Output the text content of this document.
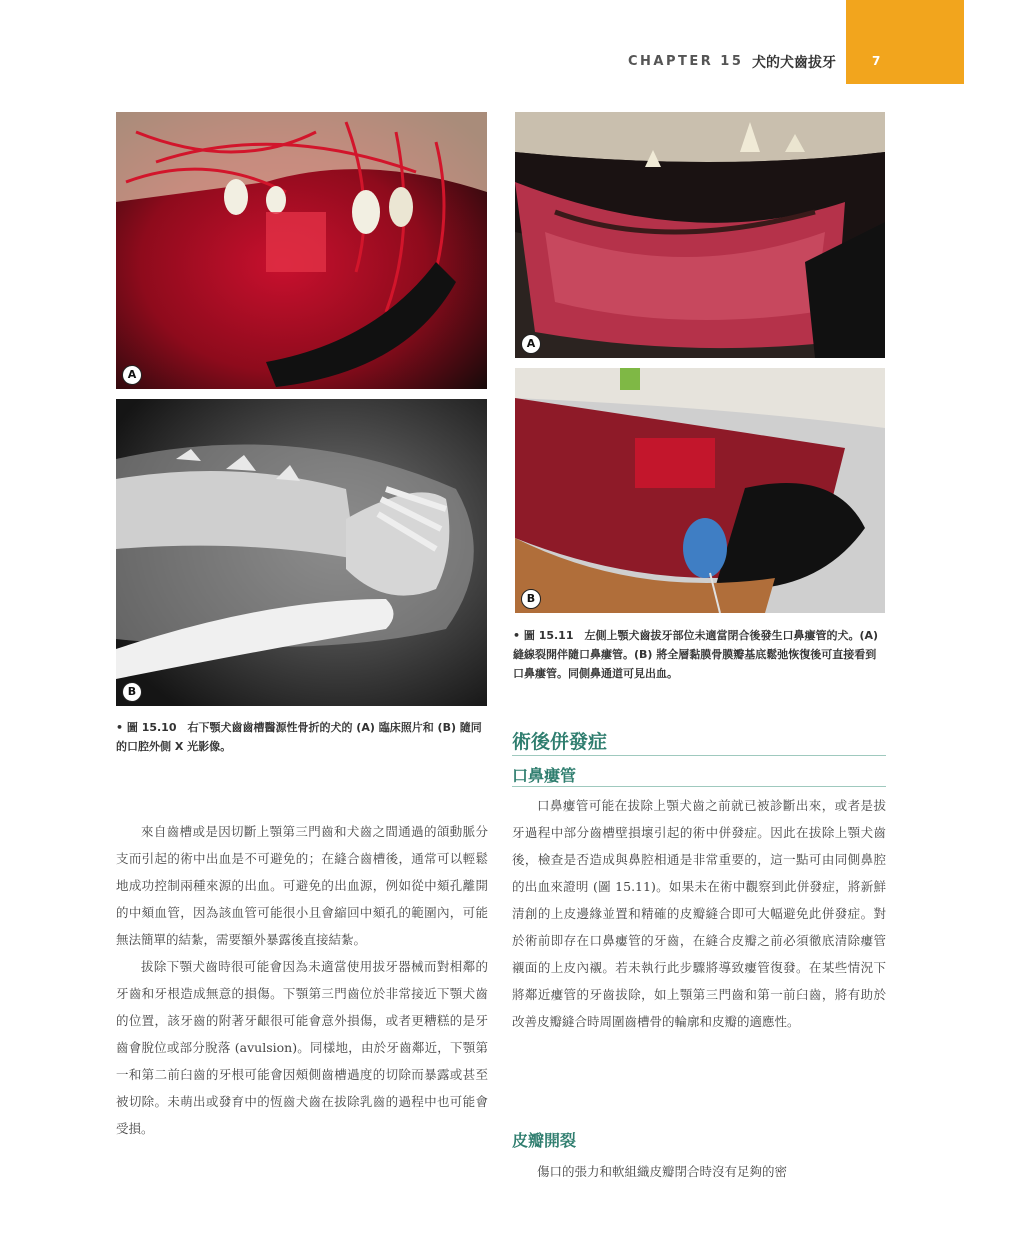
CHAPTER 15 犬的犬齒拔牙	7
A
B
A
B
• 圖 15.11　左側上顎犬齒拔牙部位未適當閉合後發生口鼻瘻管的犬。(A) 縫線裂開伴隨口鼻瘻管。(B) 將全層黏膜骨膜瓣基底鬆弛恢復後可直接看到口鼻瘻管。同側鼻通道可見出血。
• 圖 15.10　右下顎犬齒齒槽醫源性骨折的犬的 (A) 臨床照片和 (B) 隨同的口腔外側 X 光影像。	術後併發症
口鼻瘻管

口鼻瘻管可能在拔除上顎犬齒之前就已被診斷出來，或者是拔牙過程中部分齒槽壁損壞引起的術中併發症。因此在拔除上顎犬齒後，檢查是否造成與鼻腔相通是非常重要的，這一點可由同側鼻腔的出血來證明 (圖 15.11)。如果未在術中觀察到此併發症，將新鮮清創的上皮邊緣並置和精確的皮瓣縫合即可大幅避免此併發症。對於術前即存在口鼻瘻管的牙齒，在縫合皮瓣之前必須徹底清除瘻管襯面的上皮內襯。若未執行此步驟將導致瘻管復發。在某些情況下將鄰近瘻管的牙齒拔除，如上顎第三門齒和第一前臼齒，將有助於改善皮瓣縫合時周圍齒槽骨的輪廓和皮瓣的適應性。

皮瓣開裂

傷口的張力和軟組織皮瓣閉合時沒有足夠的密

來自齒槽或是因切斷上顎第三門齒和犬齒之間通過的頜動脈分支而引起的術中出血是不可避免的；在縫合齒槽後，通常可以輕鬆地成功控制兩種來源的出血。可避免的出血源，例如從中頦孔離開的中頦血管，因為該血管可能很小且會縮回中頦孔的範圍內，可能無法簡單的結紮，需要額外暴露後直接結紮。

拔除下顎犬齒時很可能會因為未適當使用拔牙器械而對相鄰的牙齒和牙根造成無意的損傷。下顎第三門齒位於非常接近下顎犬齒的位置，該牙齒的附著牙齦很可能會意外損傷，或者更糟糕的是牙齒會脫位或部分脫落 (avulsion)。同樣地，由於牙齒鄰近，下顎第一和第二前臼齒的牙根可能會因頰側齒槽過度的切除而暴露或甚至被切除。未萌出或發育中的恆齒犬齒在拔除乳齒的過程中也可能會受損。
